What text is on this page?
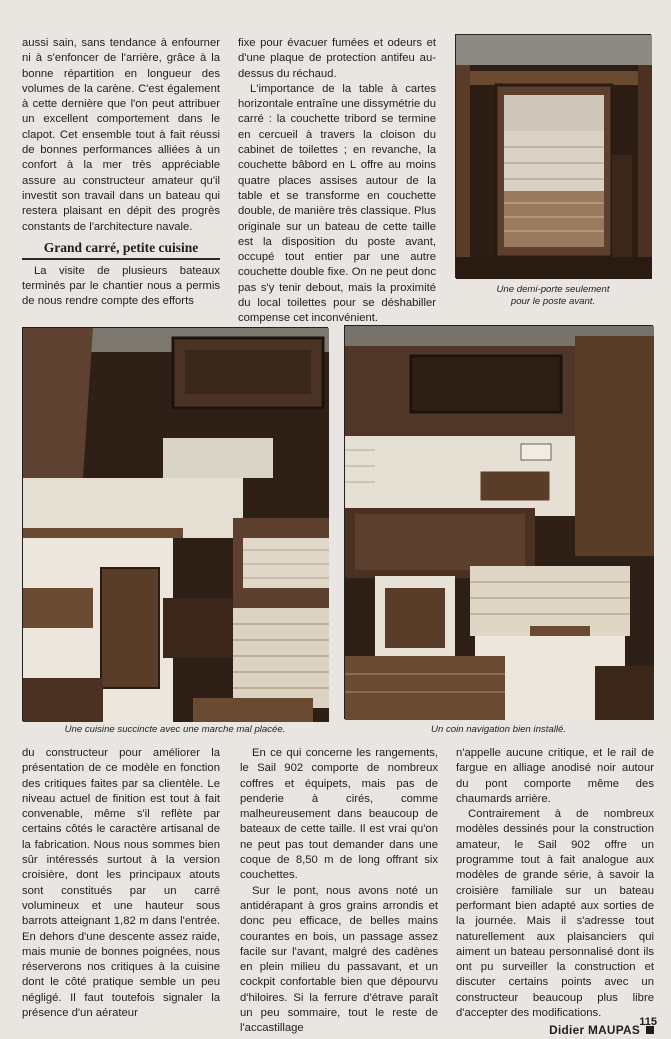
aussi sain, sans tendance à enfourner ni à s'enfoncer de l'arrière, grâce à la bonne répartition en longueur des volumes de la carène. C'est également à cette dernière que l'on peut attribuer un excellent comportement dans le clapot. Cet ensemble tout à fait réussi de bonnes performances alliées à un confort à la mer très appréciable assure au constructeur amateur qu'il investit son travail dans un bateau qui restera plaisant en dépit des progrès constants de l'architecture navale.

Grand carré, petite cuisine

La visite de plusieurs bateaux terminés par le chantier nous a permis de nous rendre compte des efforts

fixe pour évacuer fumées et odeurs et d'une plaque de protection antifeu au-dessus du réchaud.

L'importance de la table à cartes horizontale entraîne une dissymétrie du carré : la couchette tribord se termine en cercueil à travers la cloison du cabinet de toilettes ; en revanche, la couchette bâbord en L offre au moins quatre places assises autour de la table et se transforme en couchette double, de manière très classique. Plus originale sur un bateau de cette taille est la disposition du poste avant, occupé tout entier par une autre couchette double fixe. On ne peut donc pas s'y tenir debout, mais la proximité du local toilettes pour se déshabiller compense cet inconvénient.

Une demi-porte seulement
pour le poste avant.
Une cuisine succincte avec une marche mal placée.	Un coin navigation bien installé.

du constructeur pour améliorer la présentation de ce modèle en fonction des critiques faites par sa clientèle. Le niveau actuel de finition est tout à fait convenable, même s'il reflète par certains côtés le caractère artisanal de la fabrication. Nous nous sommes bien sûr intéressés surtout à la version croisière, dont les principaux atouts sont constitués par un carré volumineux et une hauteur sous barrots atteignant 1,82 m dans l'entrée. En dehors d'une descente assez raide, mais munie de bonnes poignées, nous réserverons nos critiques à la cuisine dont le côté pratique semble un peu négligé. Il faut toutefois signaler la présence d'un aérateur

En ce qui concerne les rangements, le Sail 902 comporte de nombreux coffres et équipets, mais pas de penderie à cirés, comme malheureusement dans beaucoup de bateaux de cette taille. Il est vrai qu'on ne peut pas tout demander dans une coque de 8,50 m de long offrant six couchettes.

Sur le pont, nous avons noté un antidérapant à gros grains arrondis et donc peu efficace, de belles mains courantes en bois, un passage assez facile sur l'avant, malgré des cadènes en plein milieu du passavant, et un cockpit confortable bien que dépourvu d'hiloires. Si la ferrure d'étrave paraît un peu sommaire, tout le reste de l'accastillage

n'appelle aucune critique, et le rail de fargue en alliage anodisé noir autour du pont comporte même des chaumards arrière.

Contrairement à de nombreux modèles dessinés pour la construction amateur, le Sail 902 offre un programme tout à fait analogue aux modèles de grande série, à savoir la croisière familiale sur un bateau performant bien adapté aux sorties de la journée. Mais il s'adresse tout naturellement aux plaisanciers qui aiment un bateau personnalisé dont ils ont pu surveiller la construction et discuter certains points avec un constructeur beaucoup plus libre d'accepter des modifications.

Didier MAUPAS
115
